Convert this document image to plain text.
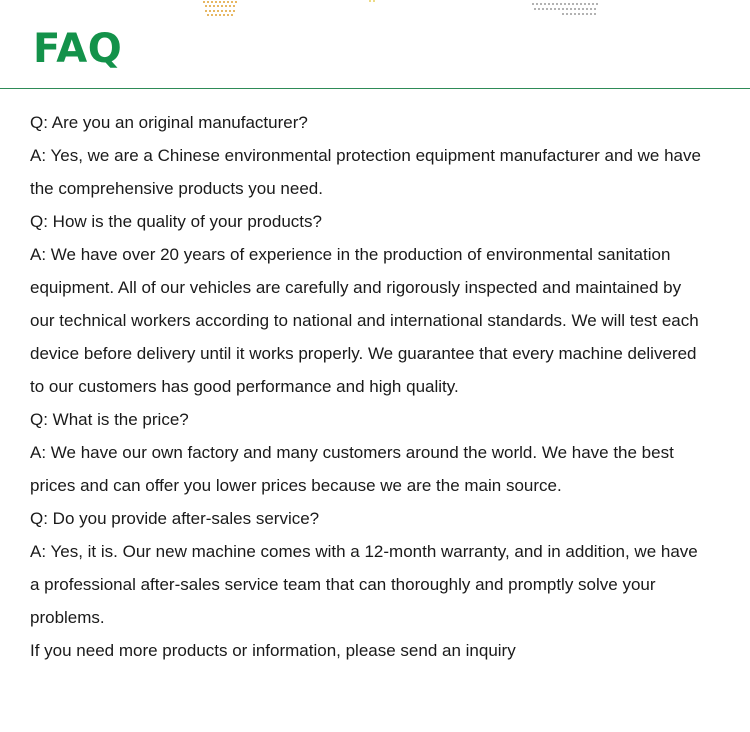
FAQ

Q: Are you an original manufacturer?

A: Yes, we are a Chinese environmental protection equipment manufacturer and we have

the comprehensive products you need.

Q: How is the quality of your products?

A: We have over 20 years of experience in the production of environmental sanitation

equipment. All of our vehicles are carefully and rigorously inspected and maintained by

our technical workers according to national and international standards. We will test each

device before delivery until it works properly. We guarantee that every machine delivered

to our customers has good performance and high quality.

Q: What is the price?

A: We have our own factory and many customers around the world. We have the best

prices and can offer you lower prices because we are the main source.

Q: Do you provide after-sales service?

A: Yes, it is. Our new machine comes with a 12-month warranty, and in addition, we have

a professional after-sales service team that can thoroughly and promptly solve your

problems.

If you need more products or information, please send an inquiry
